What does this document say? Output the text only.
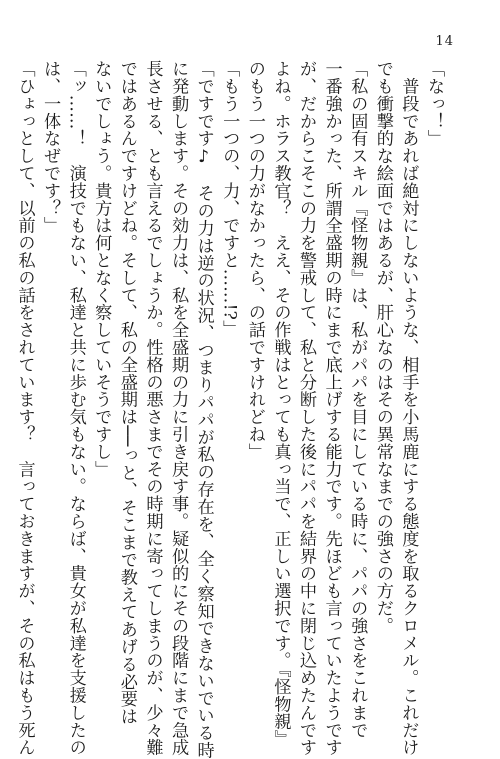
14
「なっ！」
　普段であれば絶対にしないような、相手を小馬鹿にする態度を取るクロメル。これだけ
でも衝撃的な絵面ではあるが、肝心なのはその異常なまでの強さの方だ。
「私の固有スキル『怪物親』は、私がパパを目にしている時に、パパの強さをこれまで
一番強かった、所謂全盛期の時にまで底上げする能力です。先ほども言っていたようです
が、だからこそこの力を警戒して、私と分断した後にパパを結界の中に閉じ込めたんです
よね。ホラス教官？　ええ、その作戦はとっても真っ当で、正しい選択です。『怪物親』
のもう一つの力がなかったら、の話ですけれどね」
「もう一つの、力、ですと……!?」
「ですです♪　その力は逆の状況、つまりパパが私の存在を、全く察知できないでいる時
に発動します。その効力は、私を全盛期の力に引き戻す事。疑似的にその段階にまで急成
長させる、とも言えるでしょうか。性格の悪さまでその時期に寄ってしまうのが、少々難
ではあるんですけどね。そして、私の全盛期は──っと、そこまで教えてあげる必要は
ないでしょう。貴方は何となく察していそうですし」
「ッ……！　演技でもない、私達と共に歩む気もない。ならば、貴女が私達を支援したの
は、一体なぜです？」
「ひょっとして、以前の私の話をされています？　言っておきますが、その私はもう死ん
